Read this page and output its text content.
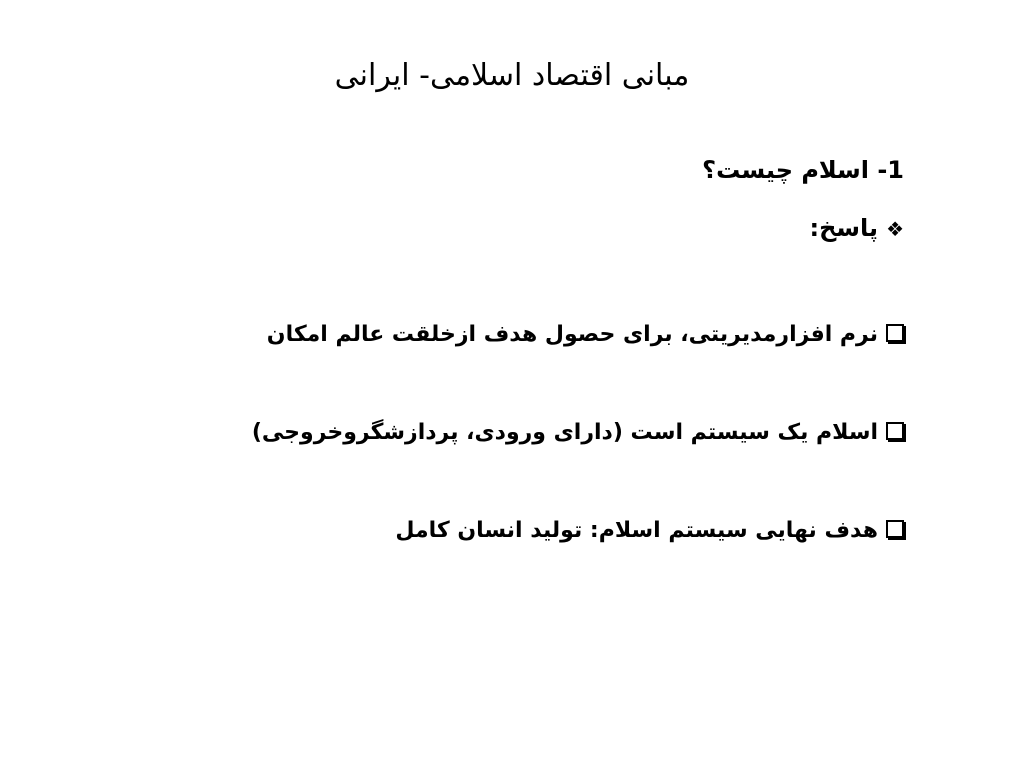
مبانی اقتصاد اسلامی- ایرانی
1- اسلام چیست؟
❖پاسخ:
نرم افزارمدیریتی، برای حصول هدف ازخلقت عالم امکان
اسلام یک سیستم است (دارای ورودی، پردازشگروخروجی)
هدف نهایی سیستم اسلام: تولید انسان کامل
